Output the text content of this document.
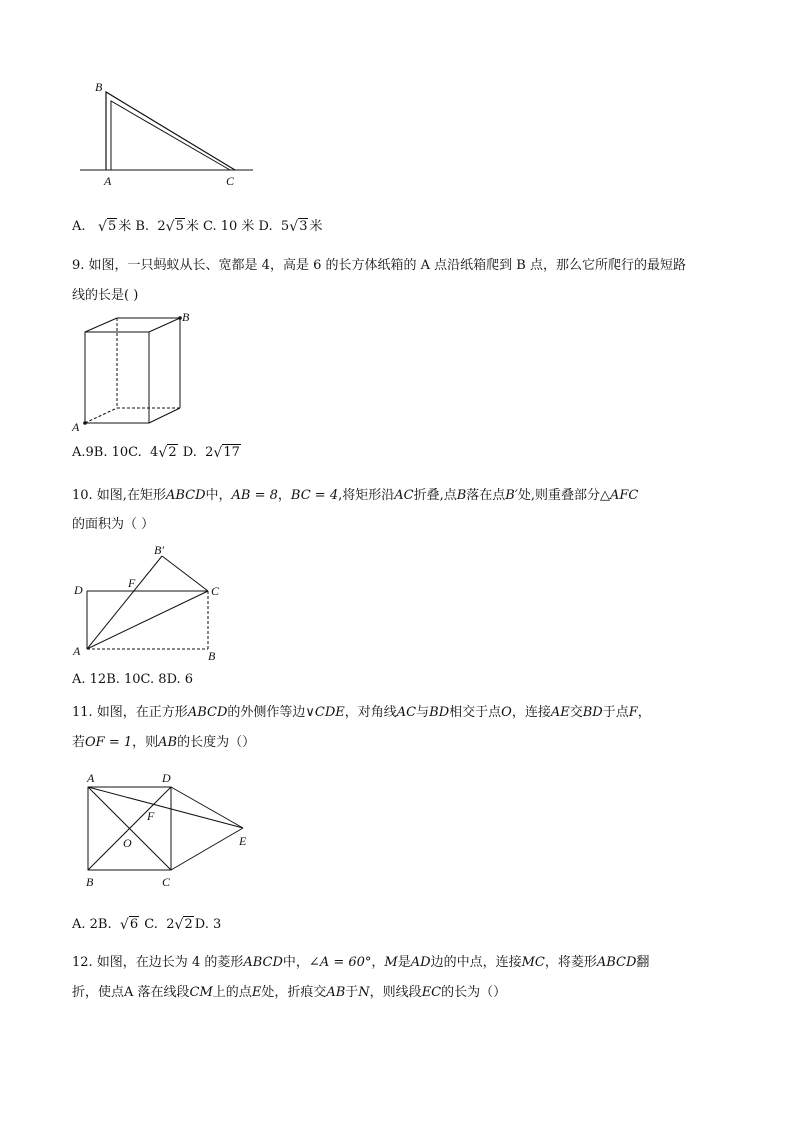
B
A	C
A. √ 5 米 B. 2 √ 5 米 C. 10 米 D. 5 √ 3 米
9. 如图，一只蚂蚁从长、宽都是 4，高是 6 的长方体纸箱的 A 点沿纸箱爬到 B 点，那么它所爬行的最短路
线的长是( )
B
A
A.9B. 10C. 4 √ 2 D. 2 √ 17
10. 如图,在矩形ABCD中，AB = 8，BC = 4,将矩形沿AC折叠,点B落在点B′处,则重叠部分△AFC
的面积为（ ）
B′
D	F
C
A	B
A. 12B. 10C. 8D. 6
11. 如图，在正方形ABCD的外侧作等边∨CDE，对角线AC与BD相交于点O，连接AE交BD于点F，
若OF = 1，则AB的长度为（）
A	D
F
O	E
B	C
A. 2B. √ 6 C. 2 √ 2 D. 3
12. 如图，在边长为 4 的菱形ABCD中，∠A = 60°，M是AD边的中点，连接MC，将菱形ABCD翻
折，使点A 落在线段CM上的点E处，折痕交AB于N，则线段EC的长为（）
